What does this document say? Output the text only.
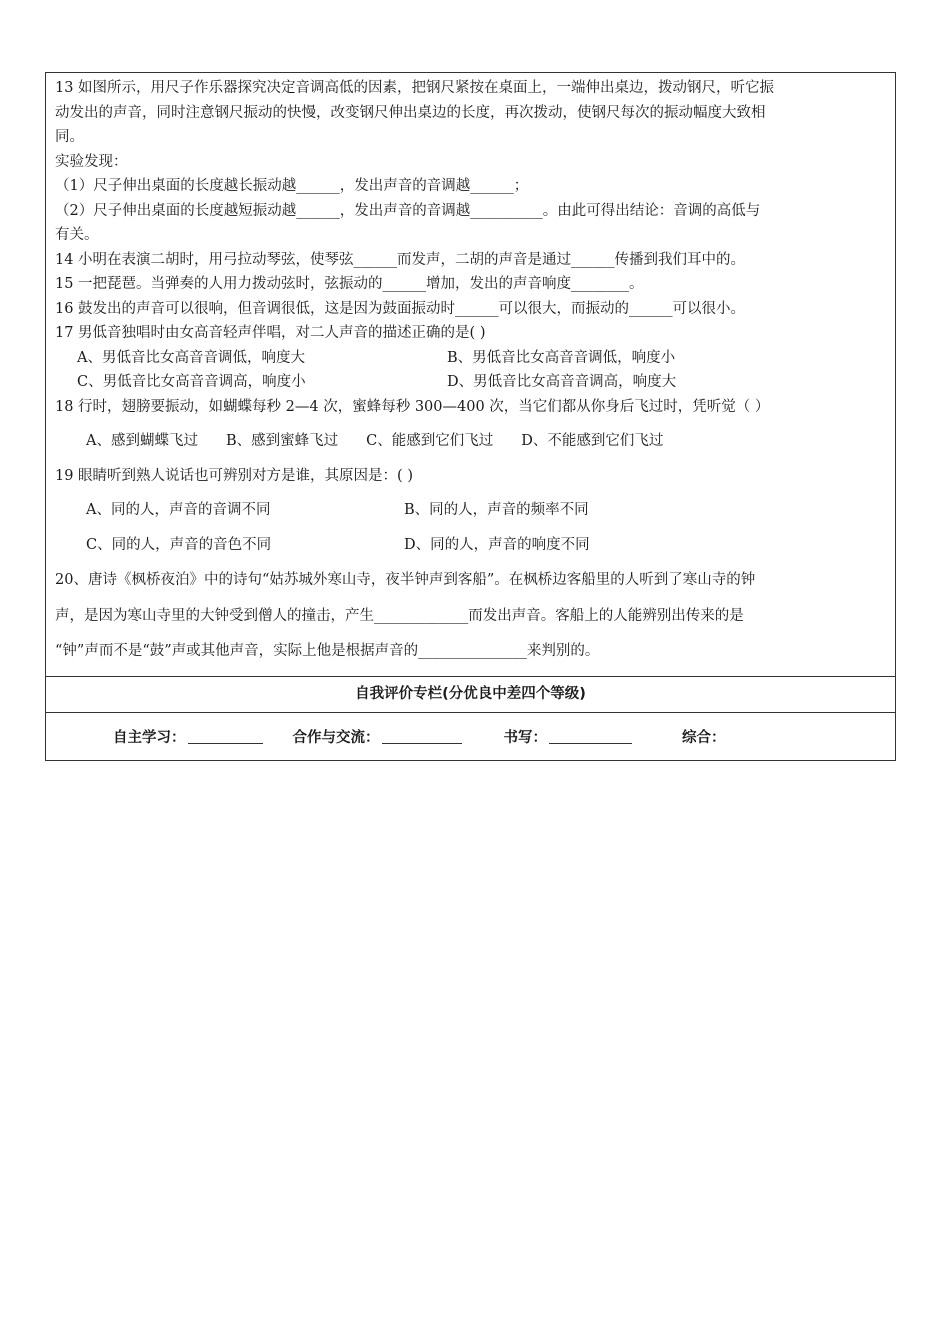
13 如图所示，用尺子作乐器探究决定音调高低的因素，把钢尺紧按在桌面上，一端伸出桌边，拨动钢尺，听它振

动发出的声音，同时注意钢尺振动的快慢，改变钢尺伸出桌边的长度，再次拨动，使钢尺每次的振动幅度大致相

同。

实验发现：

（1）尺子伸出桌面的长度越长振动越______，发出声音的音调越______；

（2）尺子伸出桌面的长度越短振动越______，发出声音的音调越__________。由此可得出结论：音调的高低与

有关。

14 小明在表演二胡时，用弓拉动琴弦，使琴弦______而发声，二胡的声音是通过______传播到我们耳中的。

15 一把琵琶。当弹奏的人用力拨动弦时，弦振动的______增加，发出的声音响度________。

16 鼓发出的声音可以很响，但音调很低，这是因为鼓面振动时______可以很大，而振动的______可以很小。

17 男低音独唱时由女高音轻声伴唱，对二人声音的描述正确的是( )

A、男低音比女高音音调低，响度大	B、男低音比女高音音调低，响度小
C、男低音比女高音音调高，响度小	D、男低音比女高音音调高，响度大

18 行时，翅膀要振动，如蝴蝶每秒 2—4 次，蜜蜂每秒 300—400 次，当它们都从你身后飞过时，凭听觉（ ）

A、感到蝴蝶飞过 B、感到蜜蜂飞过 C、能感到它们飞过 D、不能感到它们飞过

19 眼睛听到熟人说话也可辨别对方是谁，其原因是：( )

A、同的人，声音的音调不同	B、同的人，声音的频率不同
C、同的人，声音的音色不同	D、同的人，声音的响度不同

20、唐诗《枫桥夜泊》中的诗句“姑苏城外寒山寺，夜半钟声到客船”。在枫桥边客船里的人听到了寒山寺的钟

声，是因为寒山寺里的大钟受到僧人的撞击，产生_____________而发出声音。客船上的人能辨别出传来的是

“钟”声而不是“鼓”声或其他声音，实际上他是根据声音的_______________来判别的。

自我评价专栏(分优良中差四个等级)
自主学习：	合作与交流：	书写：	综合：
